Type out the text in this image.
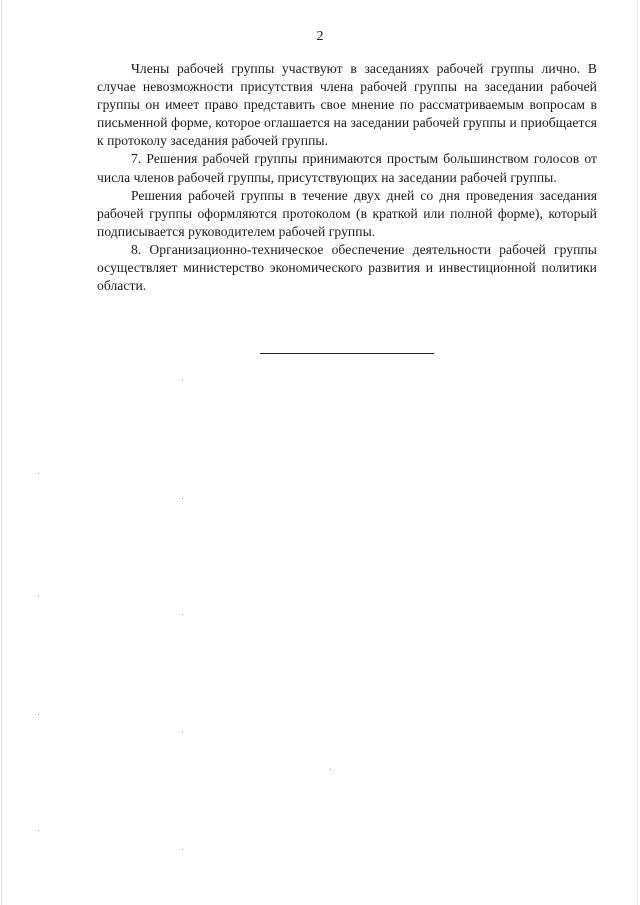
2

Члены рабочей группы участвуют в заседаниях рабочей группы лично. В случае невозможности присутствия члена рабочей группы на заседании рабочей группы он имеет право представить свое мнение по рассматриваемым вопросам в письменной форме, которое оглашается на заседании рабочей группы и приобщается к протоколу заседания рабочей группы.

7. Решения рабочей группы принимаются простым большинством голосов от числа членов рабочей группы, присутствующих на заседании рабочей группы.

Решения рабочей группы в течение двух дней со дня проведения заседания рабочей группы оформляются протоколом (в краткой или полной форме), который подписывается руководителем рабочей группы.

8. Организационно-техническое обеспечение деятельности рабочей группы осуществляет министерство экономического развития и инвестиционной политики области.
